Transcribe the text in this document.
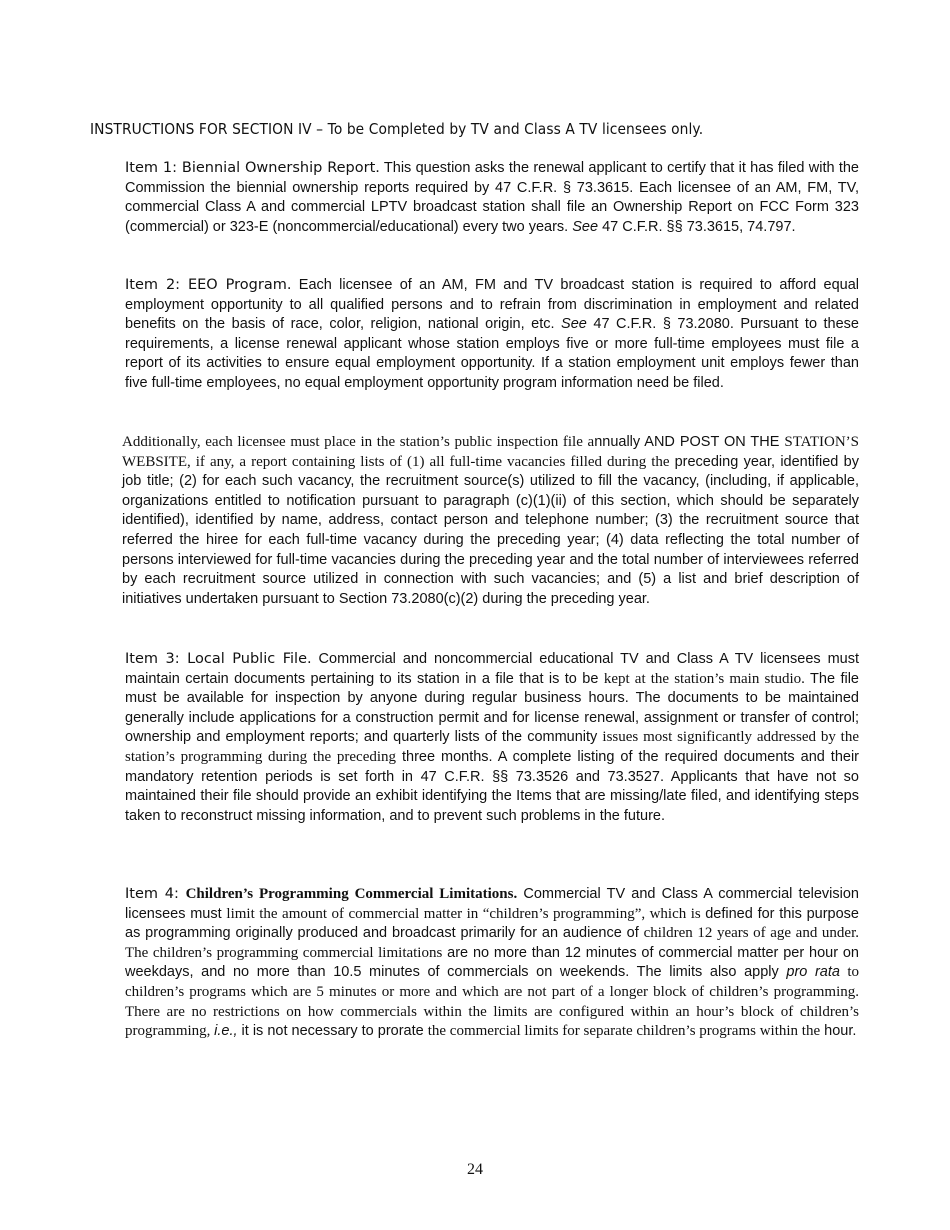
INSTRUCTIONS FOR SECTION IV – To be Completed by TV and Class A TV licensees only.
Item 1: Biennial Ownership Report. This question asks the renewal applicant to certify that it has filed with the Commission the biennial ownership reports required by 47 C.F.R. § 73.3615. Each licensee of an AM, FM, TV, commercial Class A and commercial LPTV broadcast station shall file an Ownership Report on FCC Form 323 (commercial) or 323-E (noncommercial/educational) every two years. See 47 C.F.R. §§ 73.3615, 74.797.
Item 2: EEO Program. Each licensee of an AM, FM and TV broadcast station is required to afford equal employment opportunity to all qualified persons and to refrain from discrimination in employment and related benefits on the basis of race, color, religion, national origin, etc. See 47 C.F.R. § 73.2080. Pursuant to these requirements, a license renewal applicant whose station employs five or more full-time employees must file a report of its activities to ensure equal employment opportunity. If a station employment unit employs fewer than five full-time employees, no equal employment opportunity program information need be filed.
Additionally, each licensee must place in the station’s public inspection file annually AND POST ON THE STATION’S WEBSITE, if any, a report containing lists of (1) all full-time vacancies filled during the preceding year, identified by job title; (2) for each such vacancy, the recruitment source(s) utilized to fill the vacancy, (including, if applicable, organizations entitled to notification pursuant to paragraph (c)(1)(ii) of this section, which should be separately identified), identified by name, address, contact person and telephone number; (3) the recruitment source that referred the hiree for each full-time vacancy during the preceding year; (4) data reflecting the total number of persons interviewed for full-time vacancies during the preceding year and the total number of interviewees referred by each recruitment source utilized in connection with such vacancies; and (5) a list and brief description of initiatives undertaken pursuant to Section 73.2080(c)(2) during the preceding year.
Item 3: Local Public File. Commercial and noncommercial educational TV and Class A TV licensees must maintain certain documents pertaining to its station in a file that is to be kept at the station’s main studio. The file must be available for inspection by anyone during regular business hours. The documents to be maintained generally include applications for a construction permit and for license renewal, assignment or transfer of control; ownership and employment reports; and quarterly lists of the community issues most significantly addressed by the station’s programming during the preceding three months. A complete listing of the required documents and their mandatory retention periods is set forth in 47 C.F.R. §§ 73.3526 and 73.3527. Applicants that have not so maintained their file should provide an exhibit identifying the Items that are missing/late filed, and identifying steps taken to reconstruct missing information, and to prevent such problems in the future.
Item 4: Children’s Programming Commercial Limitations. Commercial TV and Class A commercial television licensees must limit the amount of commercial matter in “children’s programming”, which is defined for this purpose as programming originally produced and broadcast primarily for an audience of children 12 years of age and under. The children’s programming commercial limitations are no more than 12 minutes of commercial matter per hour on weekdays, and no more than 10.5 minutes of commercials on weekends. The limits also apply pro rata to children’s programs which are 5 minutes or more and which are not part of a longer block of children’s programming. There are no restrictions on how commercials within the limits are configured within an hour’s block of children’s programming, i.e., it is not necessary to prorate the commercial limits for separate children’s programs within the hour.
24
